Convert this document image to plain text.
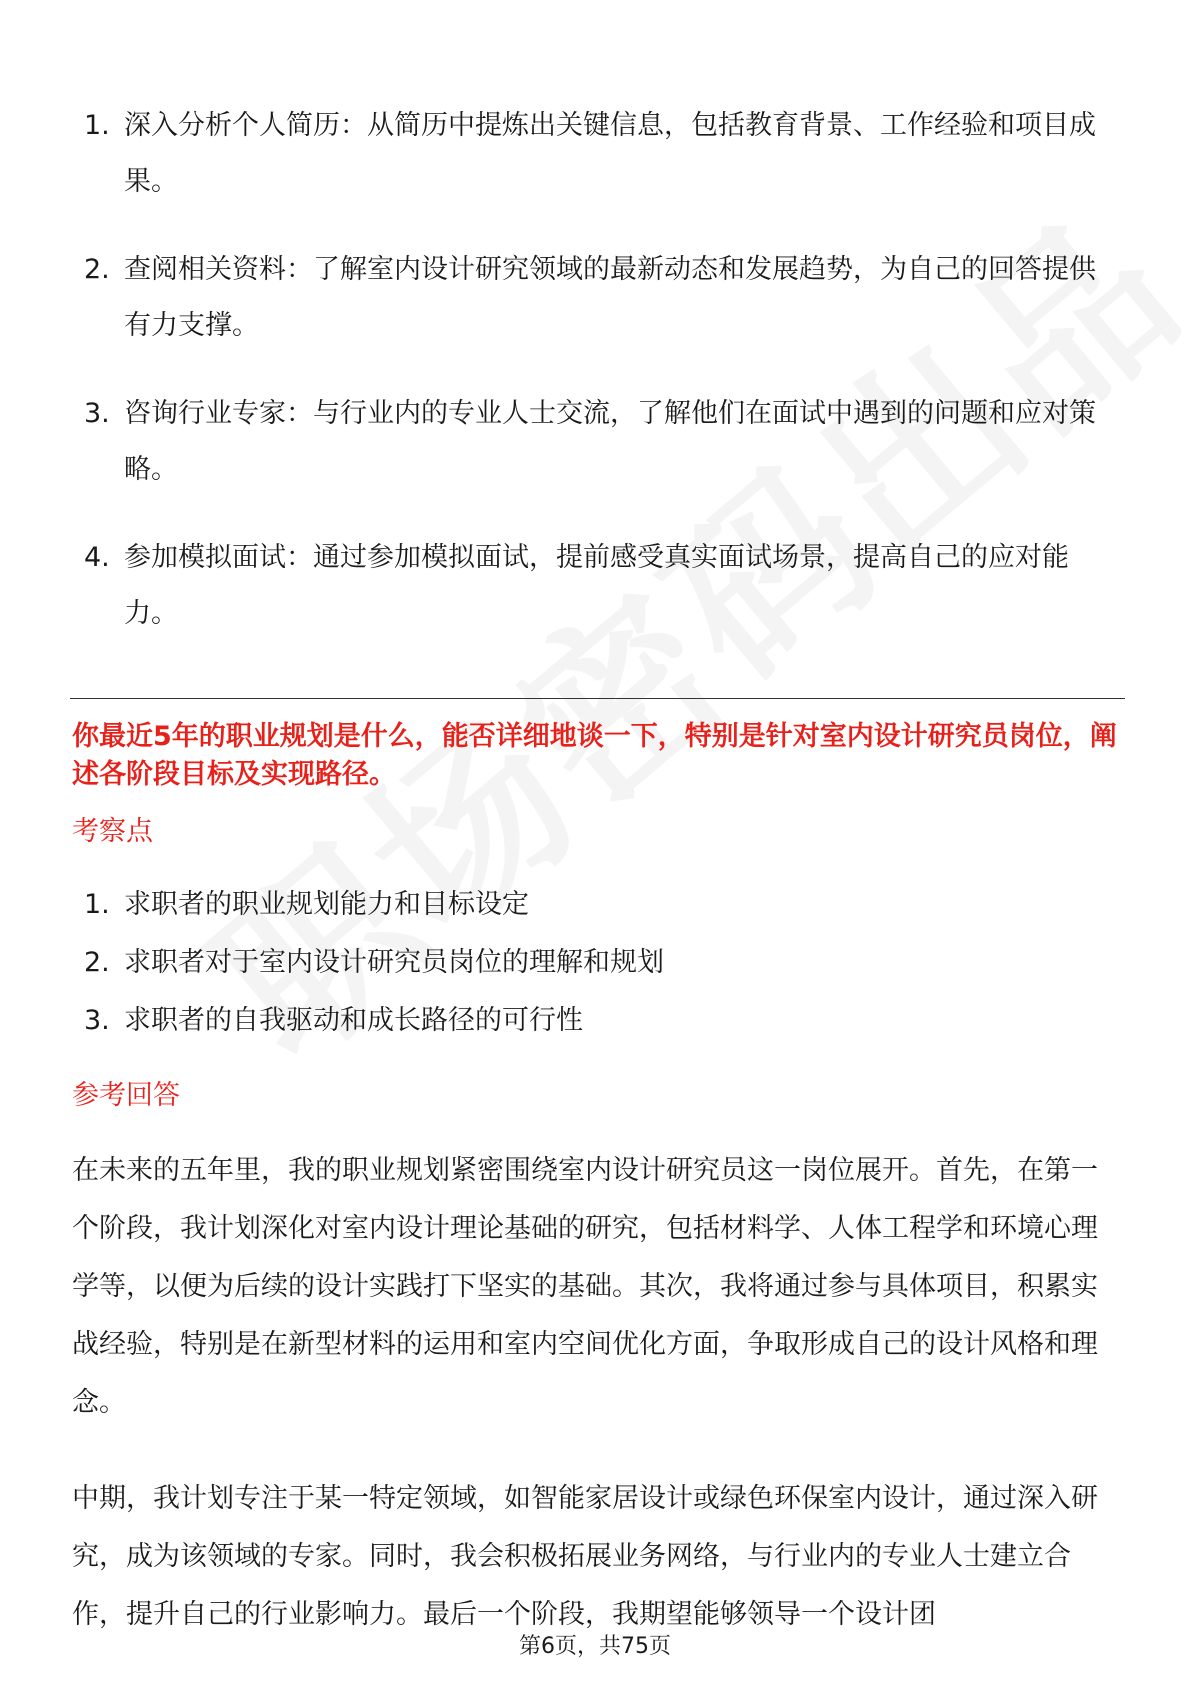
1. 深入分析个人简历：从简历中提炼出关键信息，包括教育背景、工作经验和项目成果。
2. 查阅相关资料：了解室内设计研究领域的最新动态和发展趋势，为自己的回答提供有力支撑。
3. 咨询行业专家：与行业内的专业人士交流，了解他们在面试中遇到的问题和应对策略。
4. 参加模拟面试：通过参加模拟面试，提前感受真实面试场景，提高自己的应对能力。
你最近5年的职业规划是什么，能否详细地谈一下，特别是针对室内设计研究员岗位，阐述各阶段目标及实现路径。
考察点
1. 求职者的职业规划能力和目标设定
2. 求职者对于室内设计研究员岗位的理解和规划
3. 求职者的自我驱动和成长路径的可行性
参考回答

在未来的五年里，我的职业规划紧密围绕室内设计研究员这一岗位展开。首先，在第一个阶段，我计划深化对室内设计理论基础的研究，包括材料学、人体工程学和环境心理学等，以便为后续的设计实践打下坚实的基础。其次，我将通过参与具体项目，积累实战经验，特别是在新型材料的运用和室内空间优化方面，争取形成自己的设计风格和理念。

中期，我计划专注于某一特定领域，如智能家居设计或绿色环保室内设计，通过深入研究，成为该领域的专家。同时，我会积极拓展业务网络，与行业内的专业人士建立合作，提升自己的行业影响力。最后一个阶段，我期望能够领导一个设计团

第6页，共75页
